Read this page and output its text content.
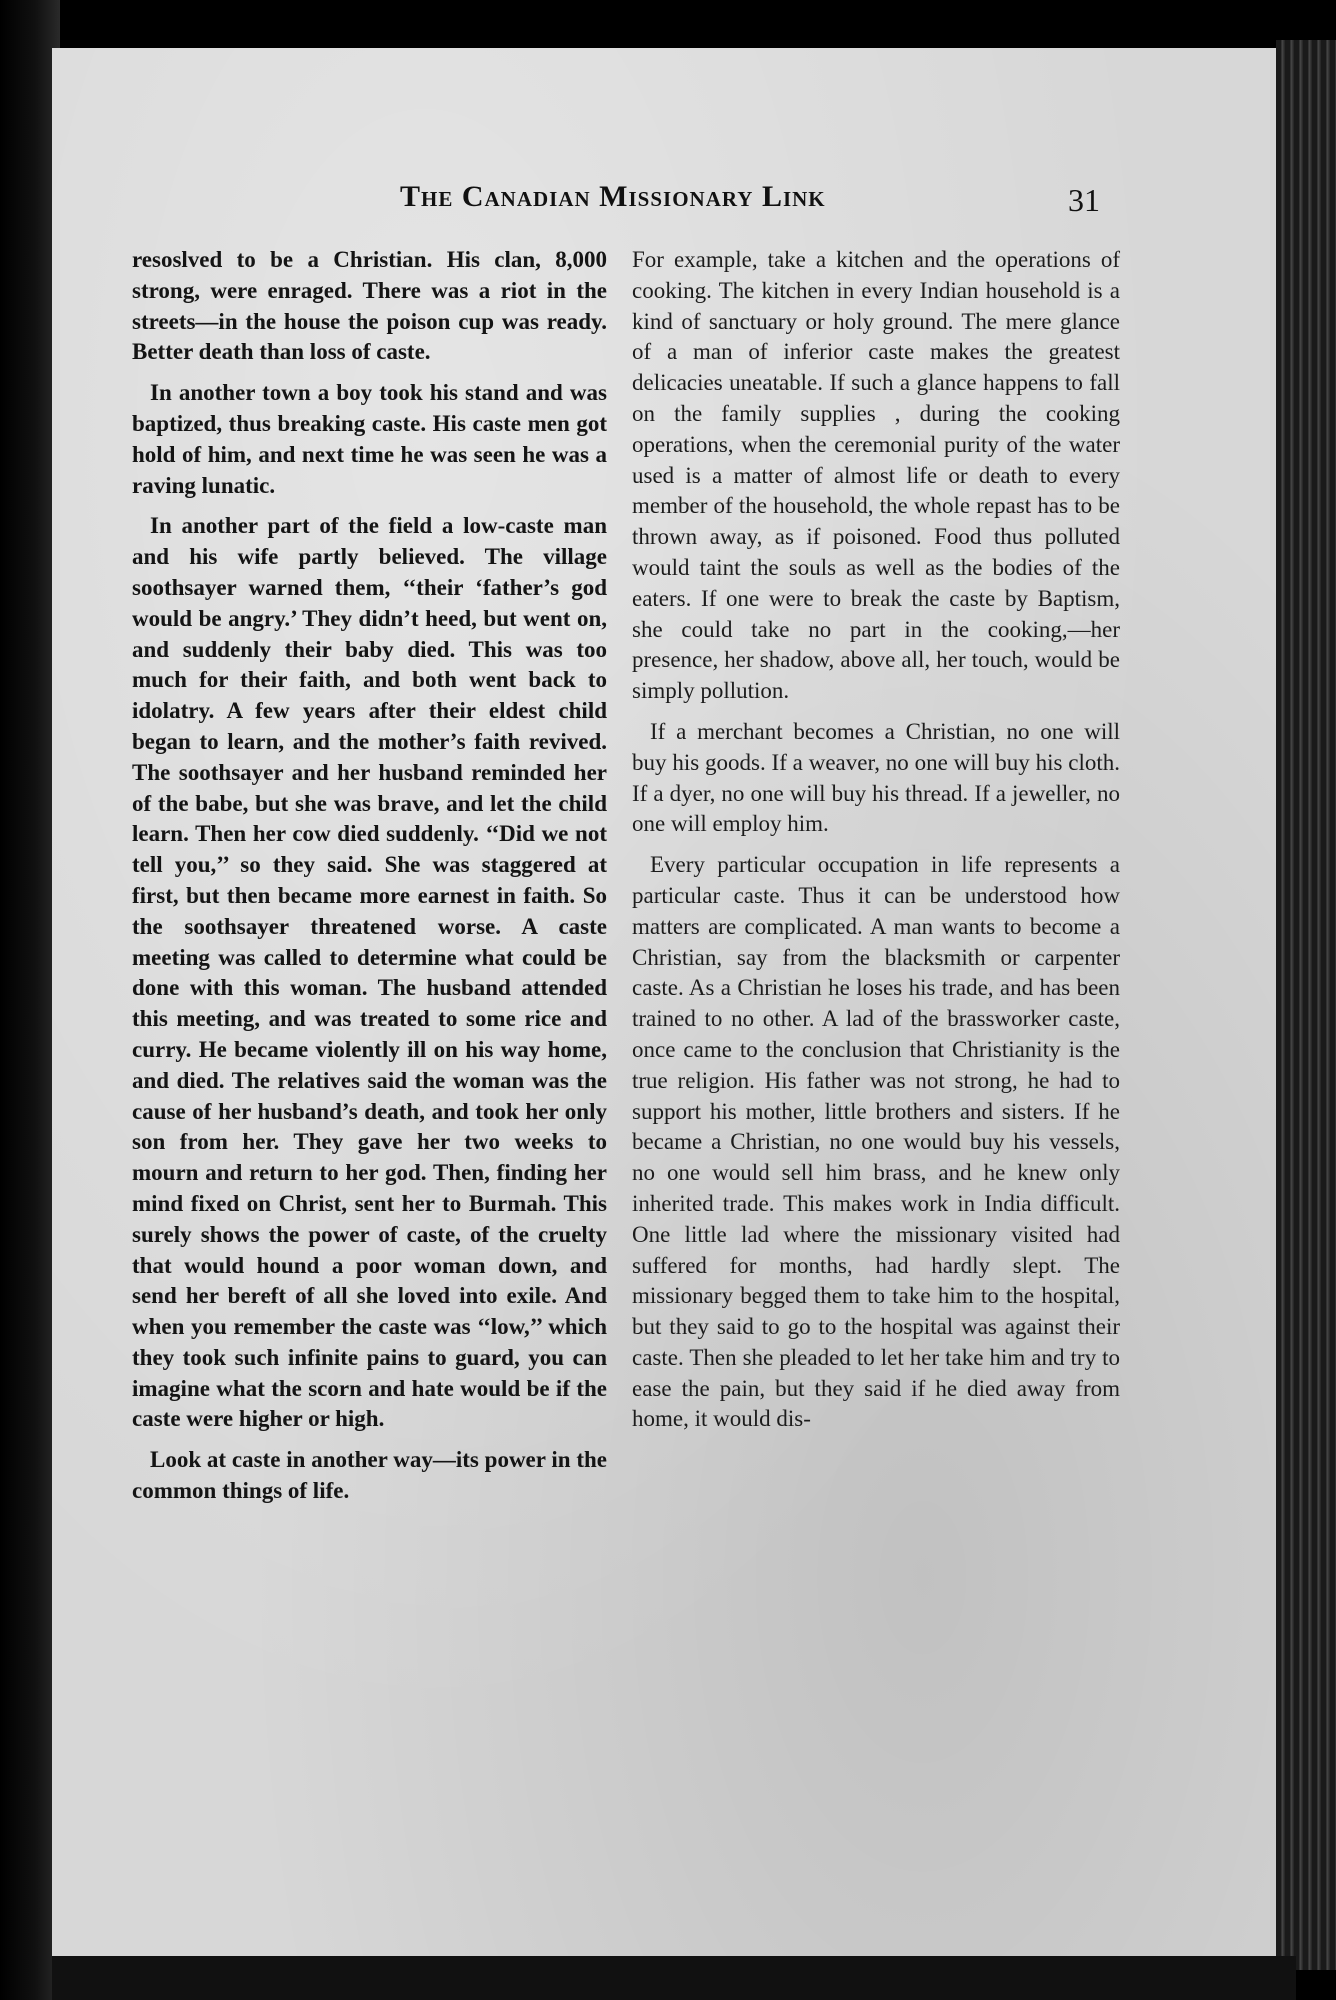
The Canadian Missionary Link	31

resoslved to be a Christian. His clan, 8,000 strong, were enraged. There was a riot in the streets—in the house the poison cup was ready. Better death than loss of caste.

In another town a boy took his stand and was baptized, thus breaking caste. His caste men got hold of him, and next time he was seen he was a raving lunatic.

In another part of the field a low-caste man and his wife partly believed. The village soothsayer warned them, ‘‘their ‘father’s god would be angry.’ They didn’t heed, but went on, and suddenly their baby died. This was too much for their faith, and both went back to idolatry. A few years after their eldest child began to learn, and the mother’s faith revived. The soothsayer and her husband reminded her of the babe, but she was brave, and let the child learn. Then her cow died suddenly. ‘‘Did we not tell you,’’ so they said. She was staggered at first, but then became more earnest in faith. So the soothsayer threatened worse. A caste meeting was called to determine what could be done with this woman. The husband attended this meeting, and was treated to some rice and curry. He became violently ill on his way home, and died. The relatives said the woman was the cause of her husband’s death, and took her only son from her. They gave her two weeks to mourn and return to her god. Then, finding her mind fixed on Christ, sent her to Burmah. This surely shows the power of caste, of the cruelty that would hound a poor woman down, and send her bereft of all she loved into exile. And when you remember the caste was ‘‘low,’’ which they took such infinite pains to guard, you can imagine what the scorn and hate would be if the caste were higher or high.

Look at caste in another way—its power in the common things of life.

For example, take a kitchen and the operations of cooking. The kitchen in every Indian household is a kind of sanctuary or holy ground. The mere glance of a man of inferior caste makes the greatest delicacies uneatable. If such a glance happens to fall on the family supplies , during the cooking operations, when the ceremonial purity of the water used is a matter of almost life or death to every member of the household, the whole repast has to be thrown away, as if poisoned. Food thus polluted would taint the souls as well as the bodies of the eaters. If one were to break the caste by Baptism, she could take no part in the cooking,—her presence, her shadow, above all, her touch, would be simply pollution.

If a merchant becomes a Christian, no one will buy his goods. If a weaver, no one will buy his cloth. If a dyer, no one will buy his thread. If a jeweller, no one will employ him.

Every particular occupation in life represents a particular caste. Thus it can be understood how matters are complicated. A man wants to become a Christian, say from the blacksmith or carpenter caste. As a Christian he loses his trade, and has been trained to no other. A lad of the brassworker caste, once came to the conclusion that Christianity is the true religion. His father was not strong, he had to support his mother, little brothers and sisters. If he became a Christian, no one would buy his vessels, no one would sell him brass, and he knew only inherited trade. This makes work in India difficult. One little lad where the missionary visited had suffered for months, had hardly slept. The missionary begged them to take him to the hospital, but they said to go to the hospital was against their caste. Then she pleaded to let her take him and try to ease the pain, but they said if he died away from home, it would dis-
